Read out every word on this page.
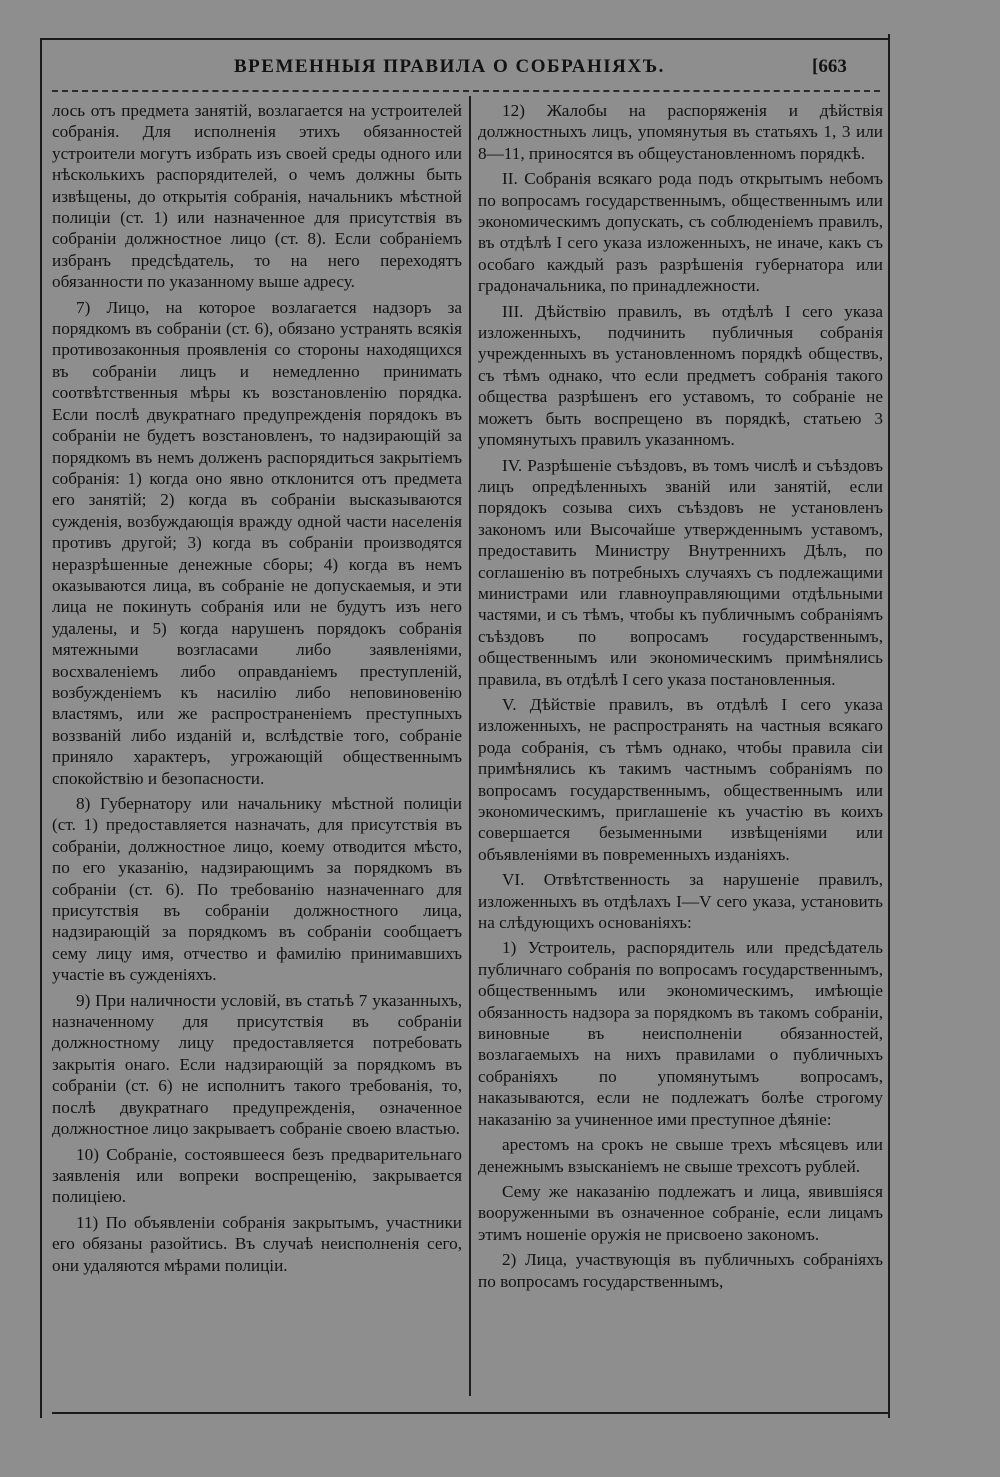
ВРЕМЕННЫЯ ПРАВИЛА О СОБРАНІЯХЪ.	[663

лось отъ предмета занятій, возлагается на устроителей собранія. Для исполненія этихъ обязанностей устроители могутъ избрать изъ своей среды одного или нѣсколькихъ распорядителей, о чемъ должны быть извѣщены, до открытія собранія, начальникъ мѣстной полиціи (ст. 1) или назначенное для присутствія въ собраніи должностное лицо (ст. 8). Если собраніемъ избранъ предсѣдатель, то на него переходятъ обязанности по указанному выше адресу.

7) Лицо, на которое возлагается надзоръ за порядкомъ въ собраніи (ст. 6), обязано устранять всякія противозаконныя проявленія со стороны находящихся въ собраніи лицъ и немедленно принимать соотвѣтственныя мѣры къ возстановленію порядка. Если послѣ двукратнаго предупрежденія порядокъ въ собраніи не будетъ возстановленъ, то надзирающій за порядкомъ въ немъ долженъ распорядиться закрытіемъ собранія: 1) когда оно явно отклонится отъ предмета его занятій; 2) когда въ собраніи высказываются сужденія, возбуждающія вражду одной части населенія противъ другой; 3) когда въ собраніи производятся неразрѣшенные денежные сборы; 4) когда въ немъ оказываются лица, въ собраніе не допускаемыя, и эти лица не покинуть собранія или не будутъ изъ него удалены, и 5) когда нарушенъ порядокъ собранія мятежными возгласами либо заявленіями, восхваленіемъ либо оправданіемъ преступленій, возбужденіемъ къ насилію либо неповиновенію властямъ, или же распространеніемъ преступныхъ воззваній либо изданій и, вслѣдствіе того, собраніе приняло характеръ, угрожающій общественнымъ спокойствію и безопасности.

8) Губернатору или начальнику мѣстной полиціи (ст. 1) предоставляется назначать, для присутствія въ собраніи, должностное лицо, коему отводится мѣсто, по его указанію, надзирающимъ за порядкомъ въ собраніи (ст. 6). По требованію назначеннаго для присутствія въ собраніи должностного лица, надзирающій за порядкомъ въ собраніи сообщаетъ сему лицу имя, отчество и фамилію принимавшихъ участіе въ сужденіяхъ.

9) При наличности условій, въ статьѣ 7 указанныхъ, назначенному для присутствія въ собраніи должностному лицу предоставляется потребовать закрытія онаго. Если надзирающій за порядкомъ въ собраніи (ст. 6) не исполнитъ такого требованія, то, послѣ двукратнаго предупрежденія, означенное должностное лицо закрываетъ собраніе своею властью.

10) Собраніе, состоявшееся безъ предварительнаго заявленія или вопреки воспрещенію, закрывается полиціею.

11) По объявленіи собранія закрытымъ, участники его обязаны разойтись. Въ случаѣ неисполненія сего, они удаляются мѣрами полиціи.

12) Жалобы на распоряженія и дѣйствія должностныхъ лицъ, упомянутыя въ статьяхъ 1, 3 или 8—11, приносятся въ общеустановленномъ порядкѣ.

II. Собранія всякаго рода подъ открытымъ небомъ по вопросамъ государственнымъ, общественнымъ или экономическимъ допускать, съ соблюденіемъ правилъ, въ отдѣлѣ I сего указа изложенныхъ, не иначе, какъ съ особаго каждый разъ разрѣшенія губернатора или градоначальника, по принадлежности.

III. Дѣйствію правилъ, въ отдѣлѣ I сего указа изложенныхъ, подчинить публичныя собранія учрежденныхъ въ установленномъ порядкѣ обществъ, съ тѣмъ однако, что если предметъ собранія такого общества разрѣшенъ его уставомъ, то собраніе не можетъ быть воспрещено въ порядкѣ, статьею 3 упомянутыхъ правилъ указанномъ.

IV. Разрѣшеніе съѣздовъ, въ томъ числѣ и съѣздовъ лицъ опредѣленныхъ званій или занятій, если порядокъ созыва сихъ съѣздовъ не установленъ закономъ или Высочайше утвержденнымъ уставомъ, предоставить Министру Внутреннихъ Дѣлъ, по соглашенію въ потребныхъ случаяхъ съ подлежащими министрами или главноуправляющими отдѣльными частями, и съ тѣмъ, чтобы къ публичнымъ собраніямъ съѣздовъ по вопросамъ государственнымъ, общественнымъ или экономическимъ примѣнялись правила, въ отдѣлѣ I сего указа постановленныя.

V. Дѣйствіе правилъ, въ отдѣлѣ I сего указа изложенныхъ, не распространять на частныя всякаго рода собранія, съ тѣмъ однако, чтобы правила сіи примѣнялись къ такимъ частнымъ собраніямъ по вопросамъ государственнымъ, общественнымъ или экономическимъ, приглашеніе къ участію въ коихъ совершается безыменными извѣщеніями или объявленіями въ повременныхъ изданіяхъ.

VI. Отвѣтственность за нарушеніе правилъ, изложенныхъ въ отдѣлахъ I—V сего указа, установить на слѣдующихъ основаніяхъ:

1) Устроитель, распорядитель или предсѣдатель публичнаго собранія по вопросамъ государственнымъ, общественнымъ или экономическимъ, имѣющіе обязанность надзора за порядкомъ въ такомъ собраніи, виновные въ неисполненіи обязанностей, возлагаемыхъ на нихъ правилами о публичныхъ собраніяхъ по упомянутымъ вопросамъ, наказываются, если не подлежатъ болѣе строгому наказанію за учиненное ими преступное дѣяніе:

арестомъ на срокъ не свыше трехъ мѣсяцевъ или денежнымъ взысканіемъ не свыше трехсотъ рублей.

Сему же наказанію подлежатъ и лица, явившіяся вооруженными въ означенное собраніе, если лицамъ этимъ ношеніе оружія не присвоено закономъ.

2) Лица, участвующія въ публичныхъ собраніяхъ по вопросамъ государственнымъ,
